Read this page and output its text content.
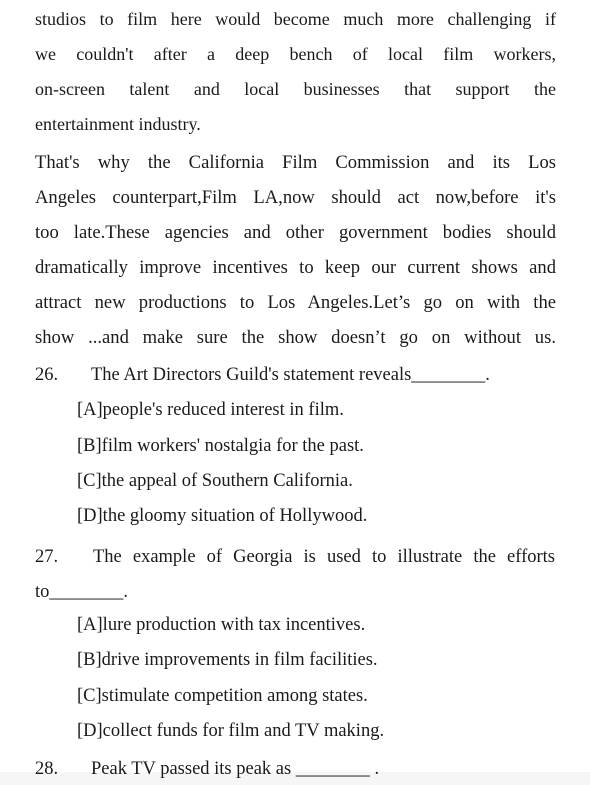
studios to film here would become much more challenging if
we couldn't after a deep bench of local film workers,
on-screen talent and local businesses that support the
entertainment industry.
That's why the California Film Commission and its Los
Angeles counterpart,Film LA,now should act now,before it's
too late.These agencies and other government bodies should
dramatically improve incentives to keep our current shows and
attract new productions to Los Angeles.Let’s go on with the
show ...and make sure the show doesn’t go on without us.
26. The Art Directors Guild's statement reveals________.
[A]people's reduced interest in film.
[B]film workers' nostalgia for the past.
[C]the appeal of Southern California.
[D]the gloomy situation of Hollywood.
27. The example of Georgia is used to illustrate the efforts
to________.
[A]lure production with tax incentives.
[B]drive improvements in film facilities.
[C]stimulate competition among states.
[D]collect funds for film and TV making.
28. Peak TV passed its peak as ________ .
